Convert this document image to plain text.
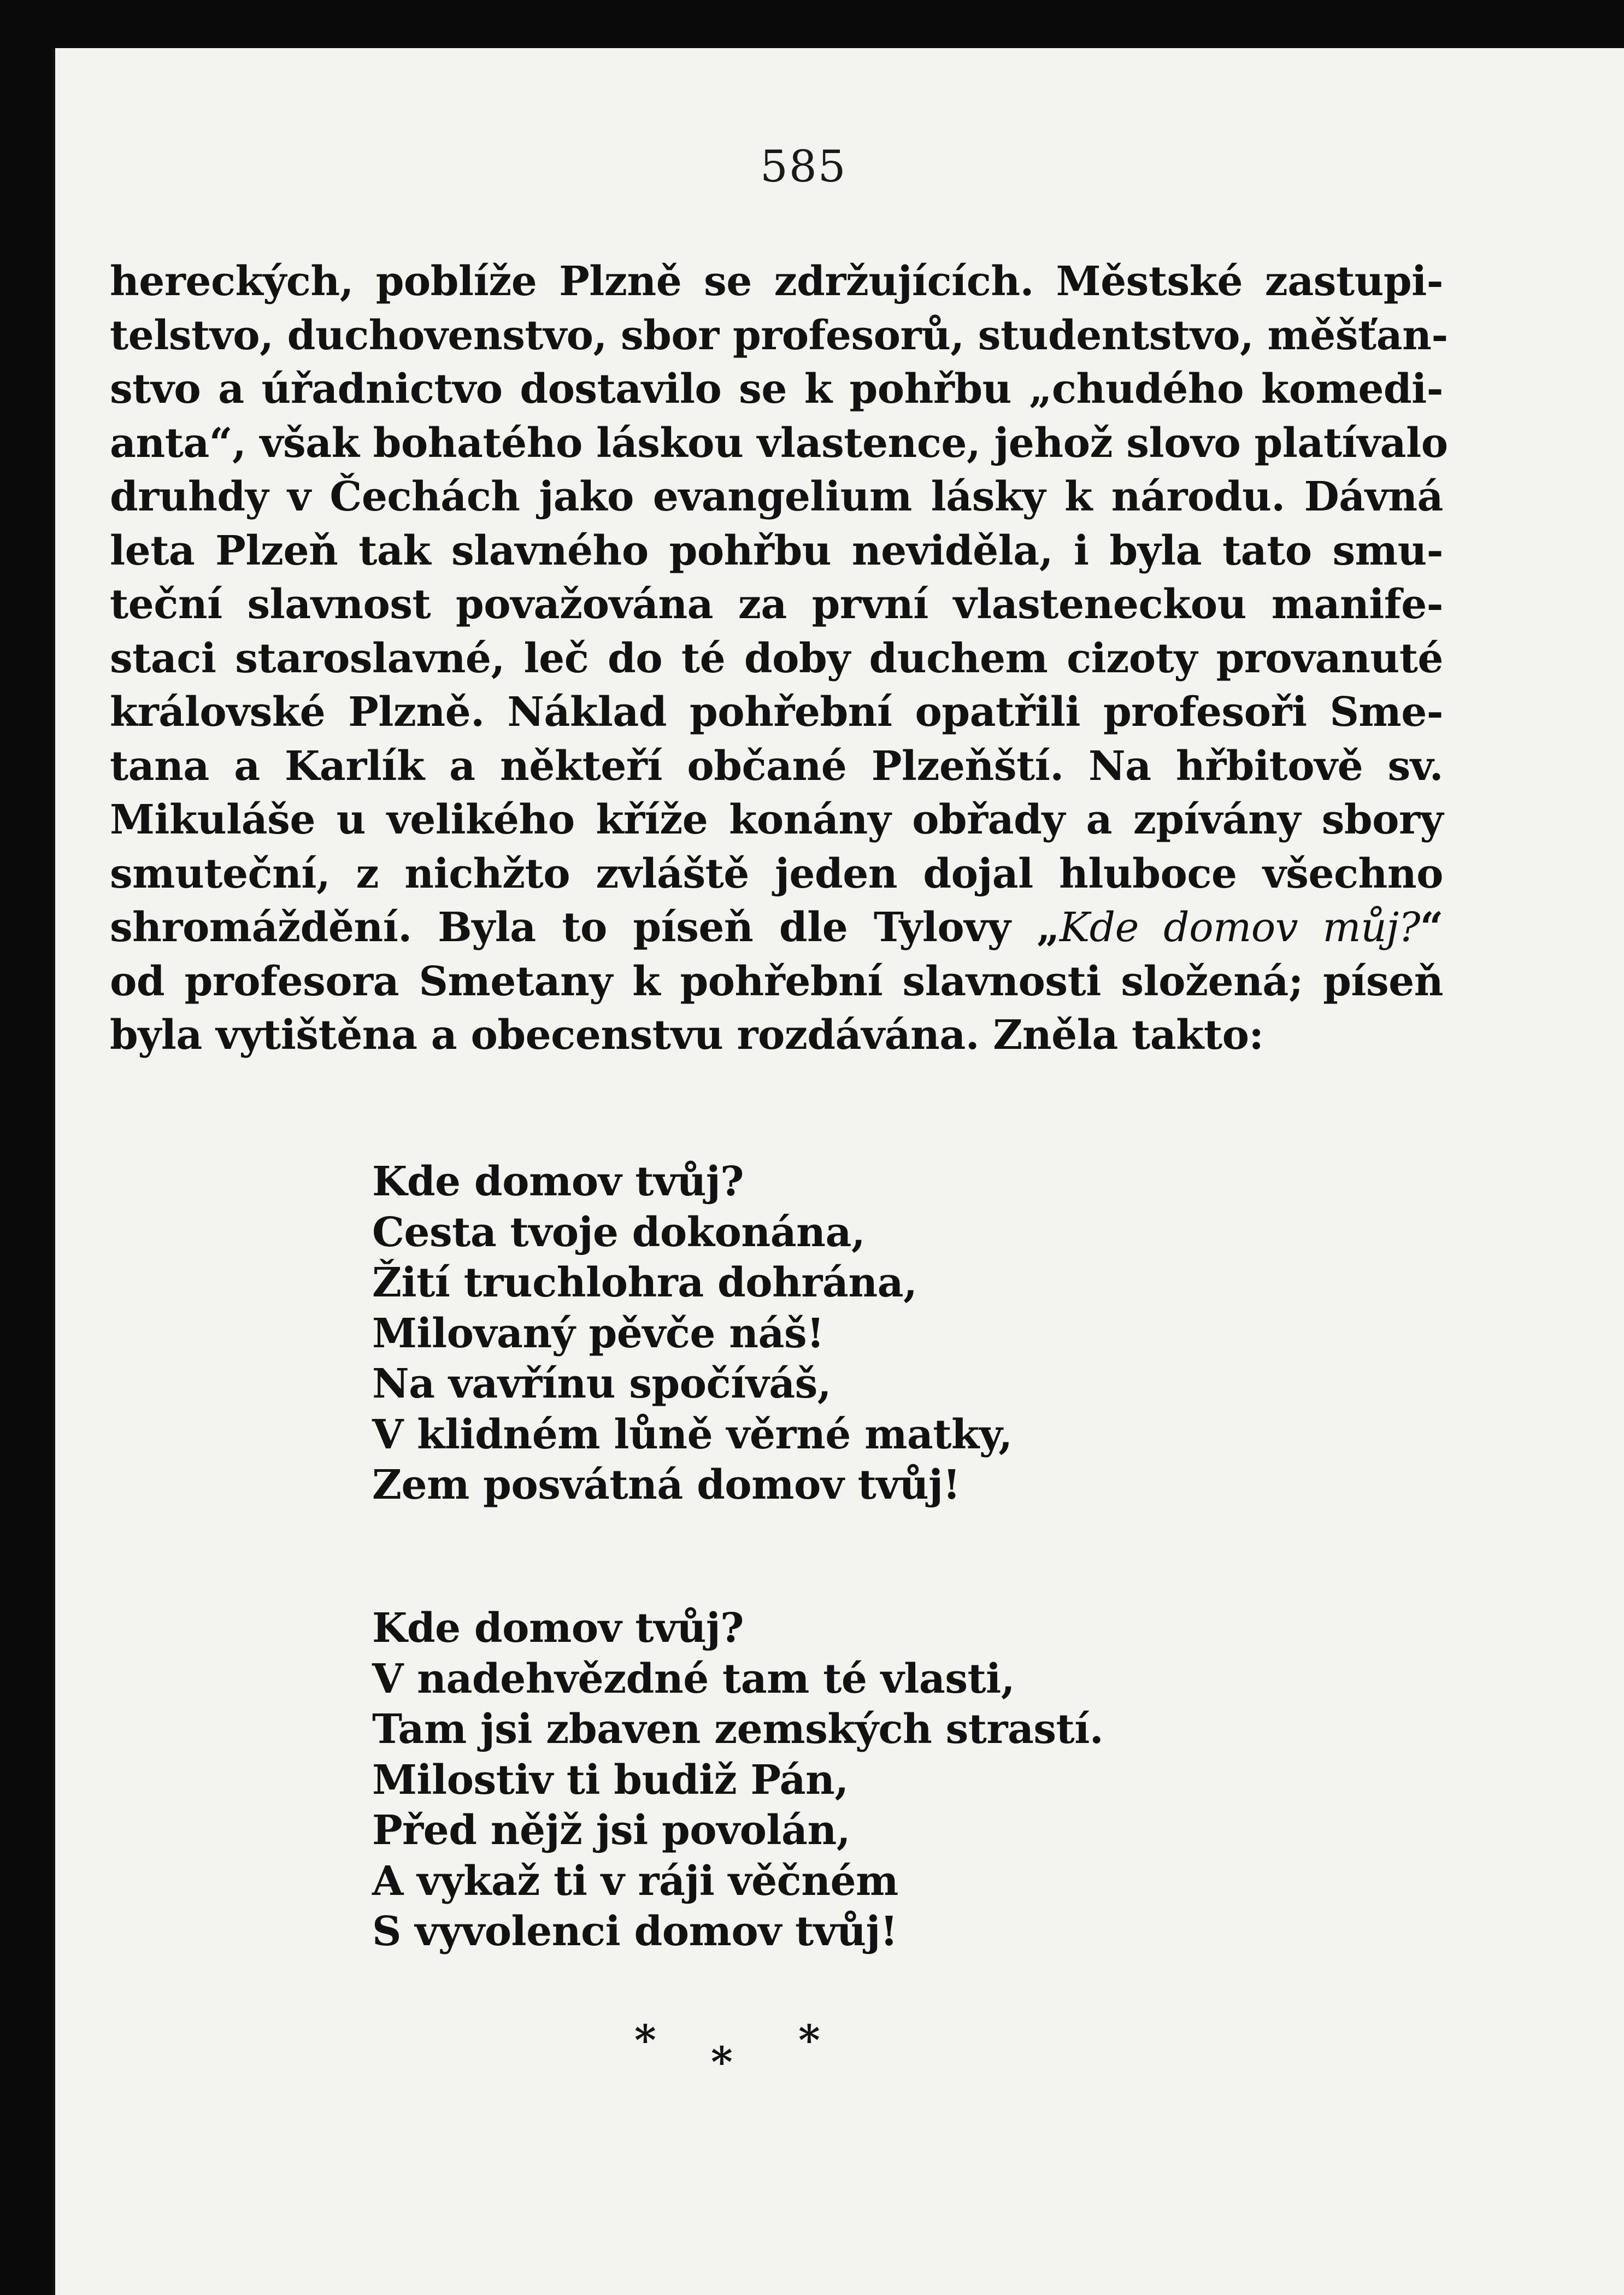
585
hereckých, poblíže Plzně se zdržujících. Městské zastupi-
telstvo, duchovenstvo, sbor profesorů, studentstvo, měšťan-
stvo a úřadnictvo dostavilo se k pohřbu „chudého komedi-
anta“, však bohatého láskou vlastence, jehož slovo platívalo
druhdy v Čechách jako evangelium lásky k národu. Dávná
leta Plzeň tak slavného pohřbu neviděla, i byla tato smu-
teční slavnost považována za první vlasteneckou manife-
staci staroslavné, leč do té doby duchem cizoty provanuté
královské Plzně. Náklad pohřební opatřili profesoři Sme-
tana a Karlík a někteří občané Plzeňští. Na hřbitově sv.
Mikuláše u velikého kříže konány obřady a zpívány sbory
smuteční, z nichžto zvláště jeden dojal hluboce všechno
shromáždění. Byla to píseň dle Tylovy „Kde domov můj?“
od profesora Smetany k pohřební slavnosti složená; píseň
byla vytištěna a obecenstvu rozdávána. Zněla takto:
Kde domov tvůj?
Cesta tvoje dokonána,
Žití truchlohra dohrána,
Milovaný pěvče náš!
Na vavřínu spočíváš,
V klidném lůně věrné matky,
Zem posvátná domov tvůj!
Kde domov tvůj?
V nadehvězdné tam té vlasti,
Tam jsi zbaven zemských strastí.
Milostiv ti budiž Pán,
Před nějž jsi povolán,
A vykaž ti v ráji věčném
S vyvolenci domov tvůj!
* * *
